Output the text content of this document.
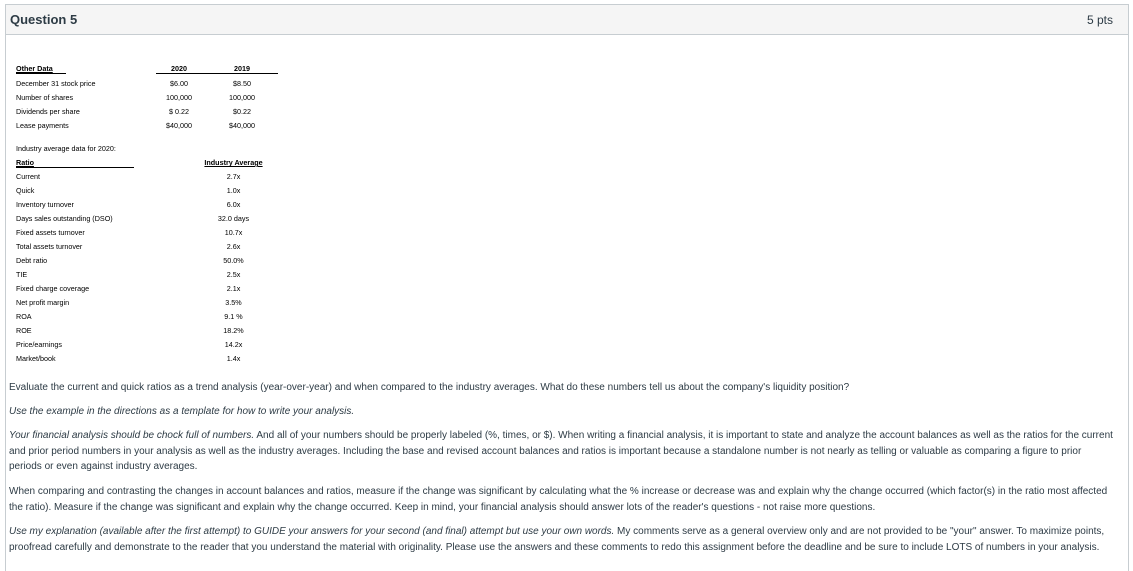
Question 5	5 pts
Other Data	2020	2019
December 31 stock price	$6.00	$8.50
Number of shares	100,000	100,000
Dividends per share	$ 0.22	$0.22
Lease payments	$40,000	$40,000
Industry average data for 2020:
Ratio	Industry Average
Current	2.7x
Quick	1.0x
Inventory turnover	6.0x
Days sales outstanding (DSO)	32.0 days
Fixed assets turnover	10.7x
Total assets turnover	2.6x
Debt ratio	50.0%
TIE	2.5x
Fixed charge coverage	2.1x
Net profit margin	3.5%
ROA	9.1 %
ROE	18.2%
Price/earnings	14.2x
Market/book	1.4x

Evaluate the current and quick ratios as a trend analysis (year-over-year) and when compared to the industry averages. What do these numbers tell us about the company's liquidity position?

Use the example in the directions as a template for how to write your analysis.

Your financial analysis should be chock full of numbers. And all of your numbers should be properly labeled (%, times, or $). When writing a financial analysis, it is important to state and analyze the account balances as well as the ratios for the current and prior period numbers in your analysis as well as the industry averages. Including the base and revised account balances and ratios is important because a standalone number is not nearly as telling or valuable as comparing a figure to prior periods or even against industry averages.

When comparing and contrasting the changes in account balances and ratios, measure if the change was significant by calculating what the % increase or decrease was and explain why the change occurred (which factor(s) in the ratio most affected the ratio). Measure if the change was significant and explain why the change occurred. Keep in mind, your financial analysis should answer lots of the reader's questions - not raise more questions.

Use my explanation (available after the first attempt) to GUIDE your answers for your second (and final) attempt but use your own words. My comments serve as a general overview only and are not provided to be "your" answer. To maximize points, proofread carefully and demonstrate to the reader that you understand the material with originality. Please use the answers and these comments to redo this assignment before the deadline and be sure to include LOTS of numbers in your analysis.
